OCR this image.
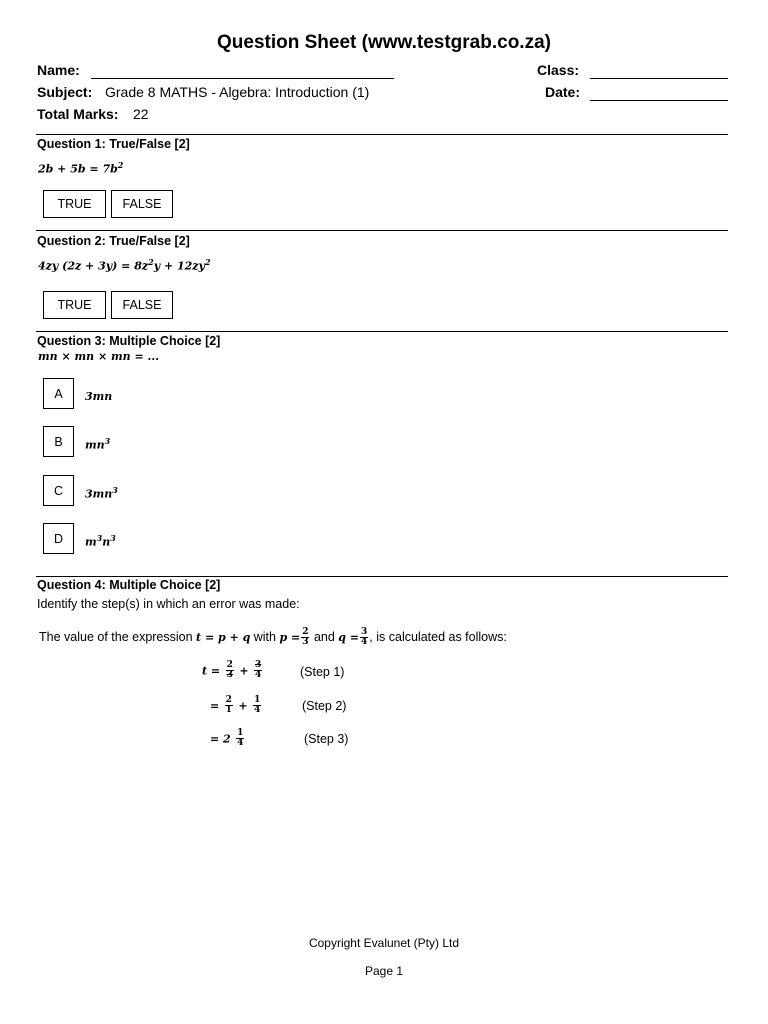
Question Sheet (www.testgrab.co.za)
Name:	Class:
Subject: Grade 8 MATHS - Algebra: Introduction (1)	Date:
Total Marks: 22
Question 1: True/False [2]
$2b + 5b = 7b^2$
TRUE	FALSE
Question 2: True/False [2]
4zy $(2z + 3y) = 8z^2y + 12zy^2$
TRUE	FALSE
Question 3: Multiple Choice [2]
mn × mn × mn = ...
A	3mn
B	$mn^3$
C	$3mn^3$
D	$m^3n^3$
Question 4: Multiple Choice [2]
Identify the step(s) in which an error was made:
The value of the expression t = p + q with $p = \frac{2}{3}$ and $q = \frac{3}{4}$ , is calculated as follows:
$t = \frac{2}{3} + \frac{3}{4}$	(Step 1)
= $\frac{2}{1} + \frac{1}{4}$	(Step 2)
= $2 \frac{1}{4}$	(Step 3)
Copyright Evalunet (Pty) Ltd
Page 1
